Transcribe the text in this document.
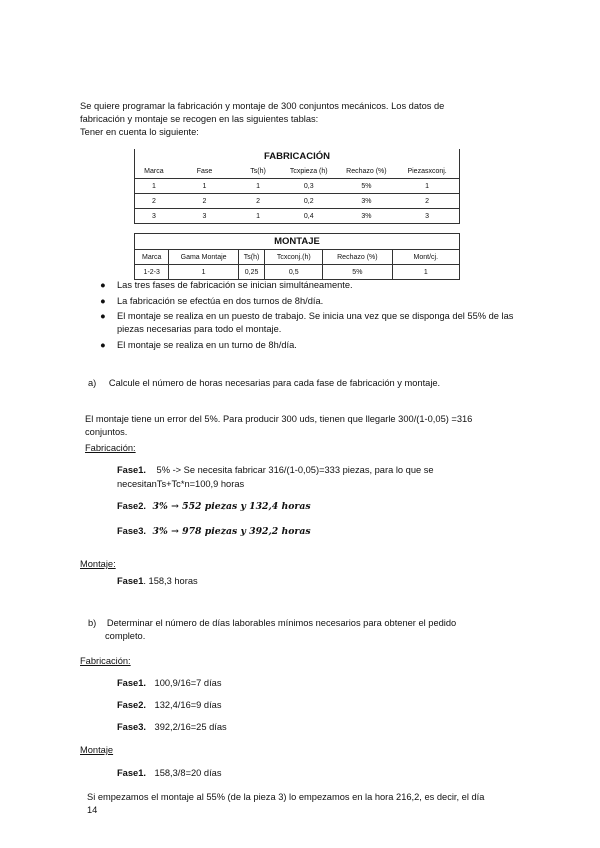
Se quiere programar la fabricación y montaje de 300 conjuntos mecánicos. Los datos de
fabricación y montaje se recogen en las siguientes tablas:
Tener en cuenta lo siguiente:
FABRICACIÓN					
Marca	Fase	Ts(h)	Tcxpieza (h)	Rechazo (%)	Piezasxconj.
1	1	1	0,3	5%	1
2	2	2	0,2	3%	2
3	3	1	0,4	3%	3
MONTAJE					
Marca	Gama Montaje	Ts(h)	Tcxconj.(h)	Rechazo (%)	Mont/cj.
1-2-3	1	0,25	0,5	5%	1
● Las tres fases de fabricación se inician simultáneamente.
● La fabricación se efectúa en dos turnos de 8h/día.
● El montaje se realiza en un puesto de trabajo. Se inicia una vez que se disponga del 55% de las piezas necesarias para todo el montaje.
● El montaje se realiza en un turno de 8h/día.
a) Calcule el número de horas necesarias para cada fase de fabricación y montaje.
El montaje tiene un error del 5%. Para producir 300 uds, tienen que llegarle 300/(1-0,05) =316
conjuntos.
Fabricación:
Fase1. 5% -> Se necesita fabricar 316/(1-0,05)=333 piezas, para lo que se
necesitanTs+Tc*n=100,9 horas
Fase2. 3% → 552 piezas y 132,4 horas
Fase3. 3% → 978 piezas y 392,2 horas
Montaje:
Fase1. 158,3 horas
b) Determinar el número de días laborables mínimos necesarios para obtener el pedido
completo.
Fabricación:
Fase1. 100,9/16=7 días
Fase2. 132,4/16=9 días
Fase3. 392,2/16=25 días
Montaje
Fase1. 158,3/8=20 días
Si empezamos el montaje al 55% (de la pieza 3) lo empezamos en la hora 216,2, es decir, el día
14
